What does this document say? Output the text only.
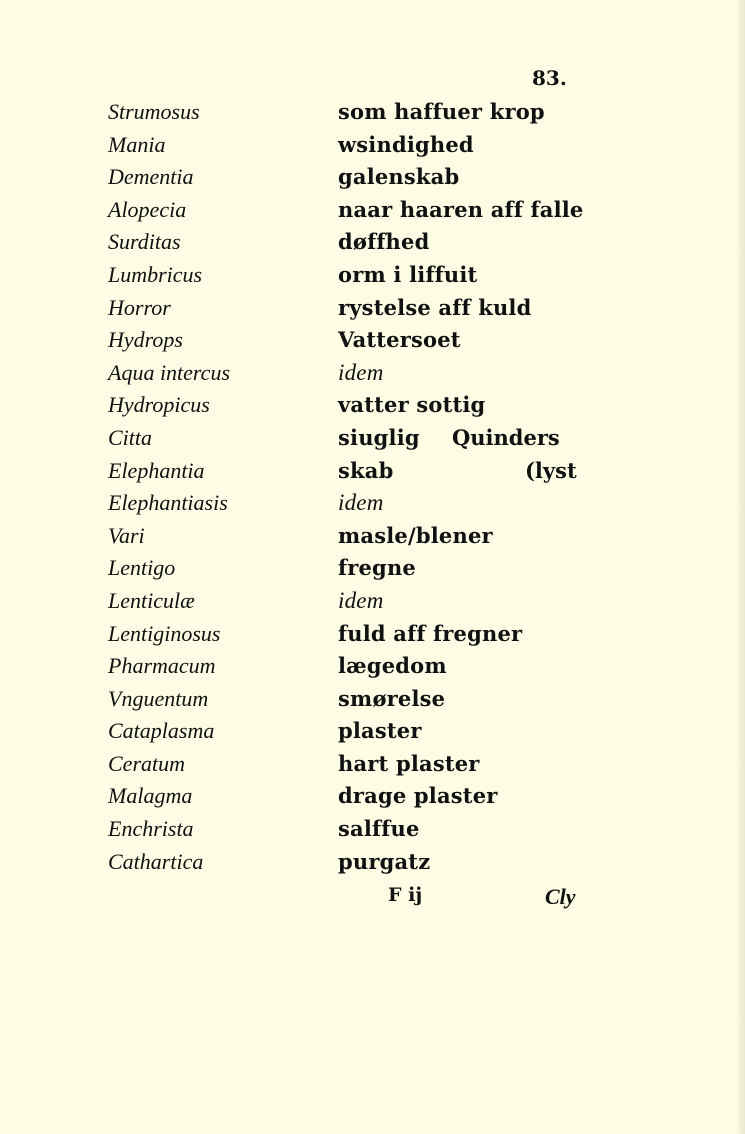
83.
Strumosus	som haffuer krop
Mania	wsindighed
Dementia	galenskab
Alopecia	naar haaren aff falle
Surditas	døffhed
Lumbricus	orm i liffuit
Horror	rystelse aff kuld
Hydrops	Vattersoet
Aqua intercus	idem
Hydropicus	vatter sottig
Citta	siuglig Quinders
Elephantia	skab	(lyst
Elephantiasis	idem
Vari	masle/blener
Lentigo	fregne
Lenticulæ	idem
Lentiginosus	fuld aff fregner
Pharmacum	lægedom
Vnguentum	smørelse
Cataplasma	plaster
Ceratum	hart plaster
Malagma	drage plaster
Enchrista	salffue
Cathartica	purgatz
F ij	Cly
